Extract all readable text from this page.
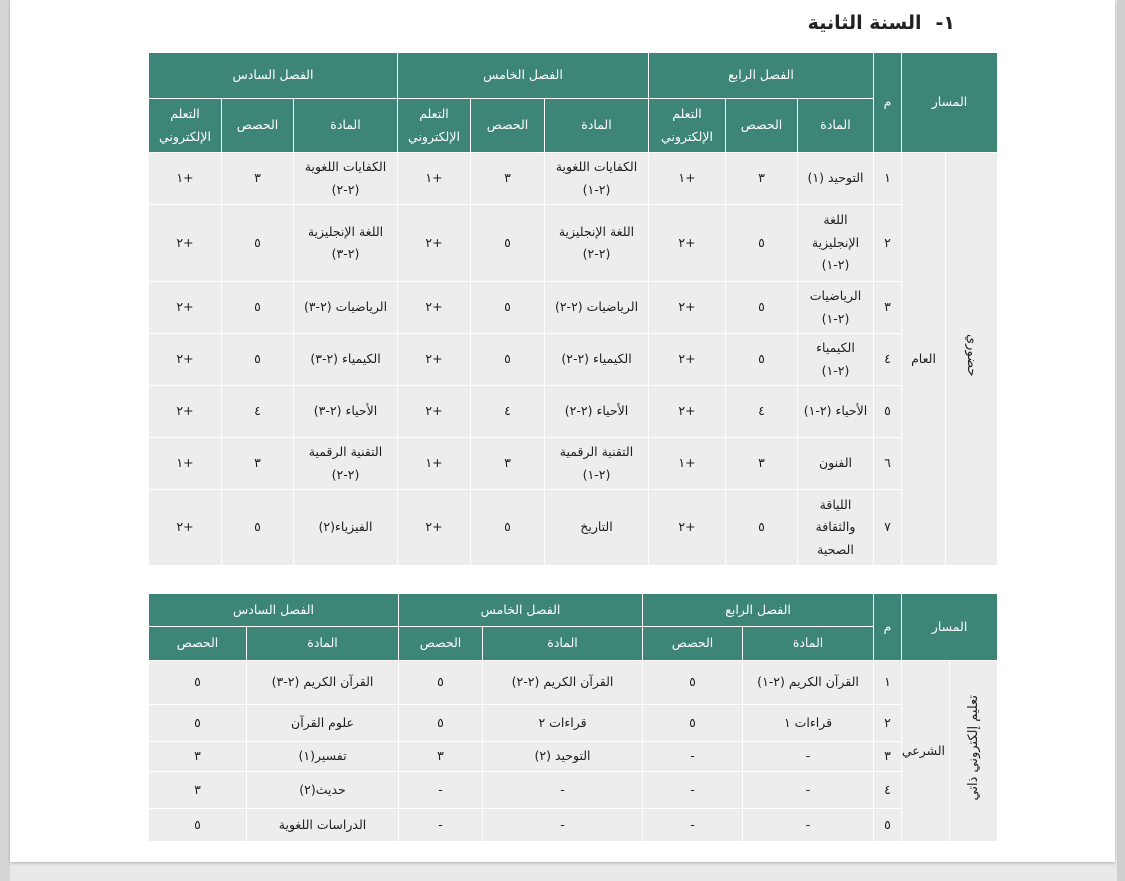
١-
السنة الثانية
المسار		م	الفصل الرابع			الفصل الخامس			الفصل السادس		
			المادة	الحصص	التعلم الإلكتروني	المادة	الحصص	التعلم الإلكتروني	المادة	الحصص	التعلم الإلكتروني
حضوري	العام	١	التوحيد (١)	٣	+١	الكفايات اللغوية (٢-١)	٣	+١	الكفايات اللغوية (٢-٢)	٣	+١
		٢	اللغة الإنجليزية (٢-١)	٥	+٢	اللغة الإنجليزية (٢-٢)	٥	+٢	اللغة الإنجليزية (٢-٣)	٥	+٢
		٣	الرياضيات (٢-١)	٥	+٢	الرياضيات (٢-٢)	٥	+٢	الرياضيات (٢-٣)	٥	+٢
		٤	الكيمياء (٢-١)	٥	+٢	الكيمياء (٢-٢)	٥	+٢	الكيمياء (٢-٣)	٥	+٢
		٥	الأحياء (٢-١)	٤	+٢	الأحياء (٢-٢)	٤	+٢	الأحياء (٢-٣)	٤	+٢
		٦	الفنون	٣	+١	التقنية الرقمية (٢-١)	٣	+١	التقنية الرقمية (٢-٢)	٣	+١
		٧	اللياقة والثقافة الصحية	٥	+٢	التاريخ	٥	+٢	الفيزياء(٢)	٥	+٢
المسار		م	الفصل الرابع		الفصل الخامس		الفصل السادس	
			المادة	الحصص	المادة	الحصص	المادة	الحصص
تعليم إلكتروني ذاتي	الشرعي	١	القرآن الكريم (٢-١)	٥	القرآن الكريم (٢-٢)	٥	القرآن الكريم (٢-٣)	٥
		٢	قراءات ١	٥	قراءات ٢	٥	علوم القرآن	٥
		٣	-	-	التوحيد (٢)	٣	تفسير(١)	٣
		٤	-	-	-	-	حديث(٢)	٣
		٥	-	-	-	-	الدراسات اللغوية	٥
